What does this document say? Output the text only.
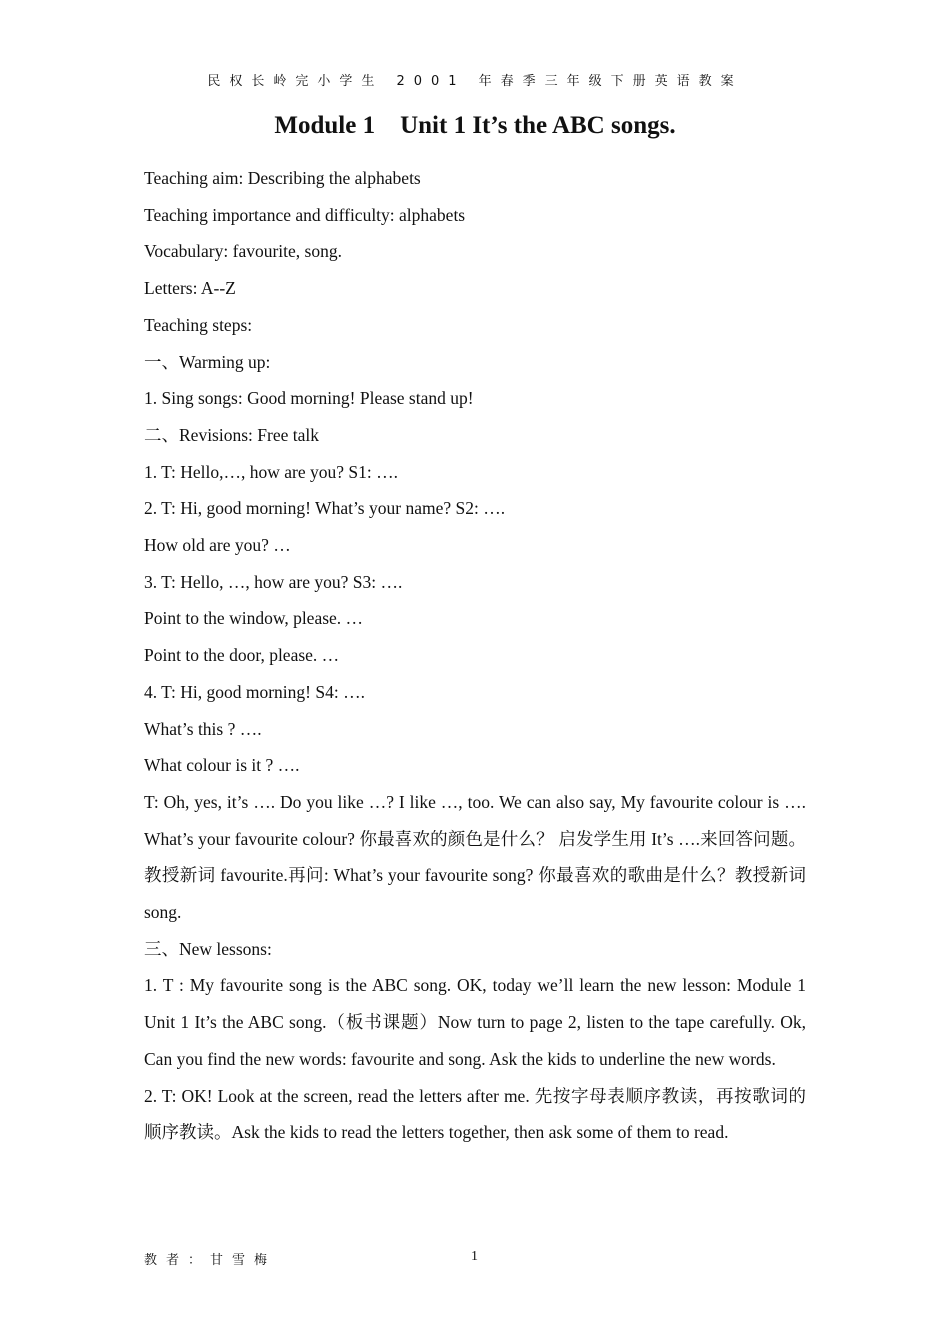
民权长岭完小学生 2001 年春季三年级下册英语教案
Module 1    Unit 1 It’s the ABC songs.

Teaching aim: Describing the alphabets

Teaching importance and difficulty: alphabets

Vocabulary: favourite, song.

Letters: A--Z

Teaching steps:

一、Warming up:

1. Sing songs: Good morning! Please stand up!

二、Revisions: Free talk

1. T: Hello,…, how are you? S1: ….

2. T: Hi, good morning! What’s your name? S2: ….

How old are you? …

3. T: Hello, …, how are you? S3: ….

Point to the window, please. …

Point to the door, please. …

4. T: Hi, good morning! S4: ….

What’s this ? ….

What colour is it ? ….

T: Oh, yes, it’s …. Do you like …? I like …, too. We can also say, My favourite colour is …. What’s your favourite colour? 你最喜欢的颜色是什么？ 启发学生用 It’s ….来回答问题。教授新词 favourite.再问: What’s your favourite song? 你最喜欢的歌曲是什么？教授新词 song.

三、New lessons:

1. T : My favourite song is the ABC song. OK, today we’ll learn the new lesson: Module 1 Unit 1 It’s the ABC song.（板书课题）Now turn to page 2, listen to the tape carefully. Ok, Can you find the new words: favourite and song. Ask the kids to underline the new words.

2. T: OK! Look at the screen, read the letters after me. 先按字母表顺序教读，再按歌词的顺序教读。Ask the kids to read the letters together, then ask some of them to read.

教者：甘雪梅	1
